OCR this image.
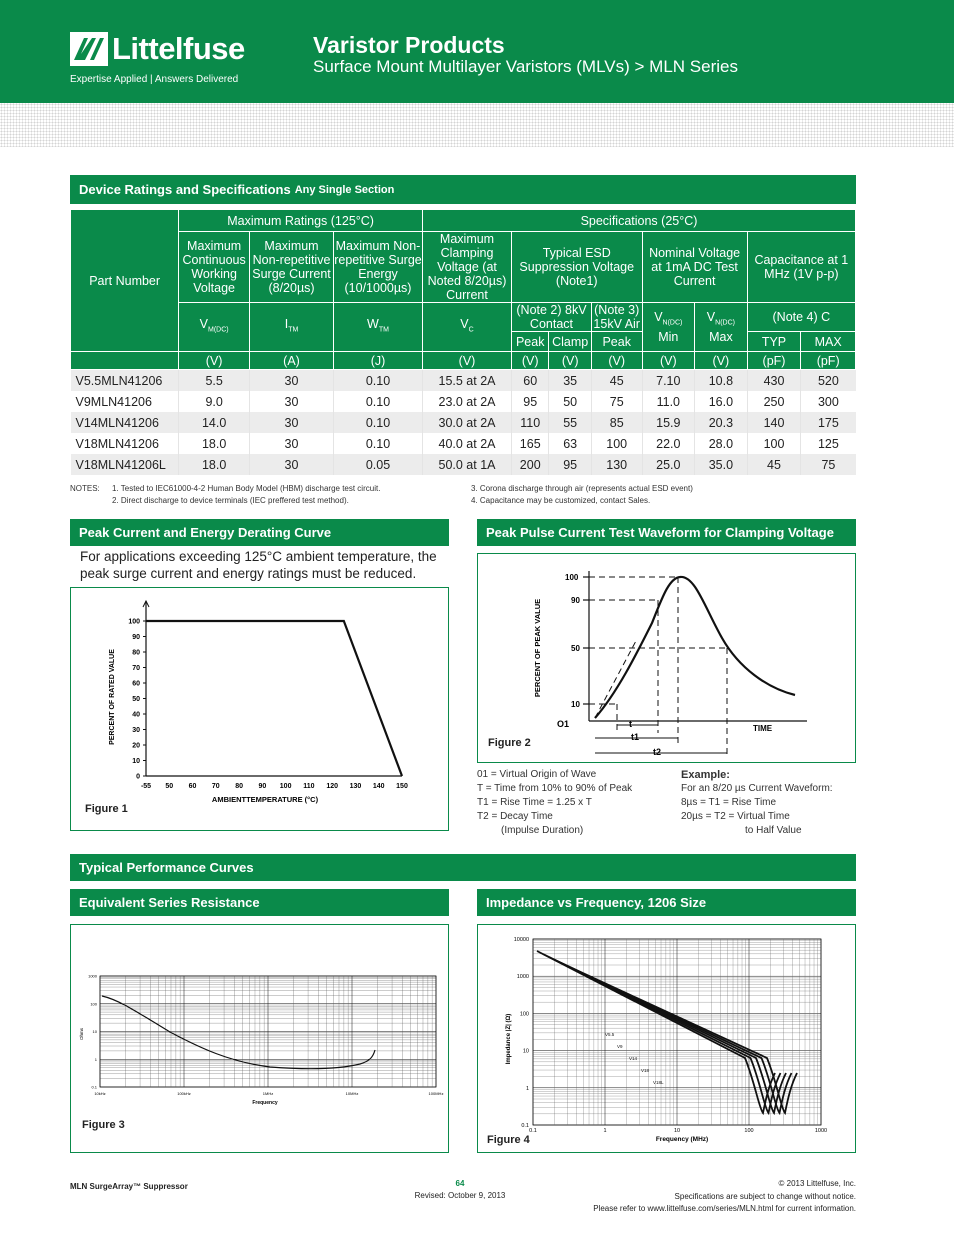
Littelfuse
Expertise Applied | Answers Delivered
Varistor Products
Surface Mount Multilayer Varistors (MLVs) > MLN Series
Device Ratings and Specifications Any Single Section
Part Number	Maximum Ratings (125°C)			Specifications (25°C)							
	Maximum Continuous Working Voltage	Maximum Non-repetitive Surge Current (8/20µs)	Maximum Non-repetitive Surge Energy (10/1000µs)	Maximum Clamping Voltage (at Noted 8/20µs) Current	Typical ESD Suppression Voltage (Note1)			Nominal Voltage at 1mA DC Test Current		Capacitance at 1 MHz (1V p-p)	
	$V_{M(DC)}$	$I_{TM}$	$W_{TM}$	$V_C$	(Note 2) 8kV Contact		(Note 3) 15kV Air	$V_{N(DC)}$ Min	$V_{N(DC)}$ Max	(Note 4) C	
					Peak	Clamp	Peak			TYP	MAX
	(V)	(A)	(J)	(V)	(V)	(V)	(V)	(V)	(V)	(pF)	(pF)
V5.5MLN41206	5.5	30	0.10	15.5 at 2A	60	35	45	7.10	10.8	430	520
V9MLN41206	9.0	30	0.10	23.0 at 2A	95	50	75	11.0	16.0	250	300
V14MLN41206	14.0	30	0.10	30.0 at 2A	110	55	85	15.9	20.3	140	175
V18MLN41206	18.0	30	0.10	40.0 at 2A	165	63	100	22.0	28.0	100	125
V18MLN41206L	18.0	30	0.05	50.0 at 1A	200	95	130	25.0	35.0	45	75
NOTES: 1. Tested to IEC61000-4-2 Human Body Model (HBM) discharge test circuit.
2. Direct discharge to device terminals (IEC preffered test method).
3. Corona discharge through air (represents actual ESD event)
4. Capacitance may be customized, contact Sales.
Peak Current and Energy Derating Curve
For applications exceeding 125°C ambient temperature, the peak surge current and energy ratings must be reduced.
0
10
20
30
40
50
60
70
80
90
100
-55 50 60 70 80 90 100 110 120 130 140 150
PERCENT OF RATED VALUE
AMBIENTTEMPERATURE (°C)
Figure 1
Peak Pulse Current Test Waveform for Clamping Voltage
100
90
50
10
PERCENT OF PEAK VALUE
TIME
O1	t
t1
t2
Figure 2
01 = Virtual Origin of Wave
T = Time from 10% to 90% of Peak
T1 = Rise Time = 1.25 x T
T2 = Decay Time
(Impulse Duration)
Example:
For an 8/20 µs Current Waveform:
8µs = T1 = Rise Time
20µs = T2 = Virtual Time
to Half Value
Typical Performance Curves
Equivalent Series Resistance	Impedance vs Frequency, 1206 Size
0.1
1
10
100
1000
10kHz	100kHz	1MHz	10MHz	100MHz
Frequency
Ohms
Figure 3	0.1
1
10
100
1000
10000
0.1	1	10	100	1000
V5.5
V9
V14
V18
V18L
Frequency (MHz)
Impedance |Z| (Ω)
Figure 4
MLN SurgeArray™ Suppressor	64
Revised: October 9, 2013
© 2013 Littelfuse, Inc.
Specifications are subject to change without notice.
Please refer to www.littelfuse.com/series/MLN.html for current information.
